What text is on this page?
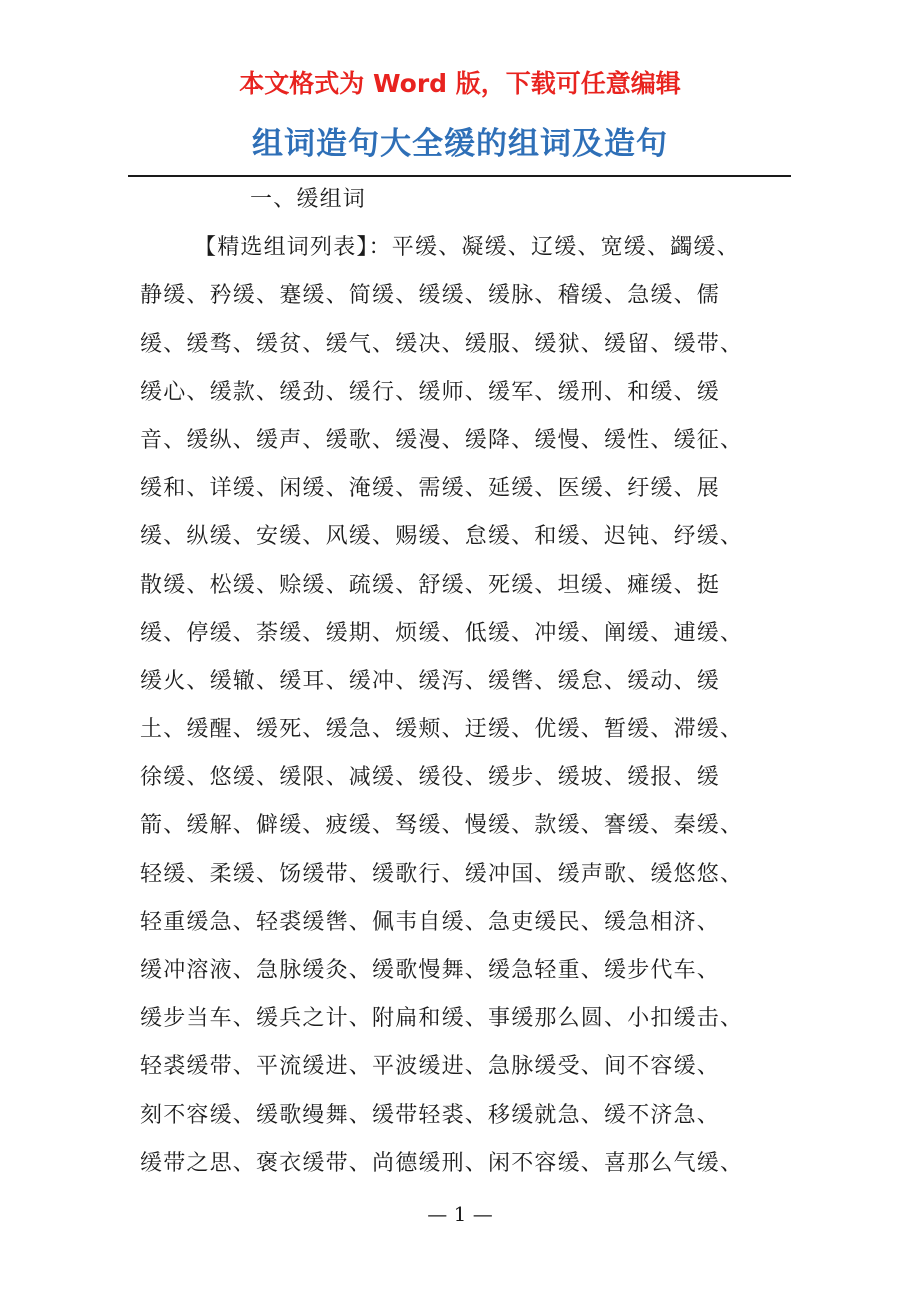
本文格式为 Word 版，下载可任意编辑
组词造句大全缓的组词及造句
一、缓组词
【精选组词列表】：平缓、凝缓、辽缓、宽缓、蠲缓、
静缓、矜缓、蹇缓、简缓、缓缓、缓脉、稽缓、急缓、儒
缓、缓骛、缓贫、缓气、缓决、缓服、缓狱、缓留、缓带、
缓心、缓款、缓劲、缓行、缓师、缓军、缓刑、和缓、缓
音、缓纵、缓声、缓歌、缓漫、缓降、缓慢、缓性、缓征、
缓和、详缓、闲缓、淹缓、需缓、延缓、医缓、纡缓、展
缓、纵缓、安缓、风缓、赐缓、怠缓、和缓、迟钝、纾缓、
散缓、松缓、赊缓、疏缓、舒缓、死缓、坦缓、瘫缓、挺
缓、停缓、荼缓、缓期、烦缓、低缓、冲缓、阐缓、逋缓、
缓火、缓辙、缓耳、缓冲、缓泻、缓辔、缓怠、缓动、缓
土、缓醒、缓死、缓急、缓颊、迂缓、优缓、暂缓、滞缓、
徐缓、悠缓、缓限、减缓、缓役、缓步、缓坡、缓报、缓
箭、缓解、僻缓、疲缓、驽缓、慢缓、款缓、謇缓、秦缓、
轻缓、柔缓、饧缓带、缓歌行、缓冲国、缓声歌、缓悠悠、
轻重缓急、轻裘缓辔、佩韦自缓、急吏缓民、缓急相济、
缓冲溶液、急脉缓灸、缓歌慢舞、缓急轻重、缓步代车、
缓步当车、缓兵之计、附扁和缓、事缓那么圆、小扣缓击、
轻裘缓带、平流缓进、平波缓进、急脉缓受、间不容缓、
刻不容缓、缓歌缦舞、缓带轻裘、移缓就急、缓不济急、
缓带之思、褒衣缓带、尚德缓刑、闲不容缓、喜那么气缓、
— 1 —
